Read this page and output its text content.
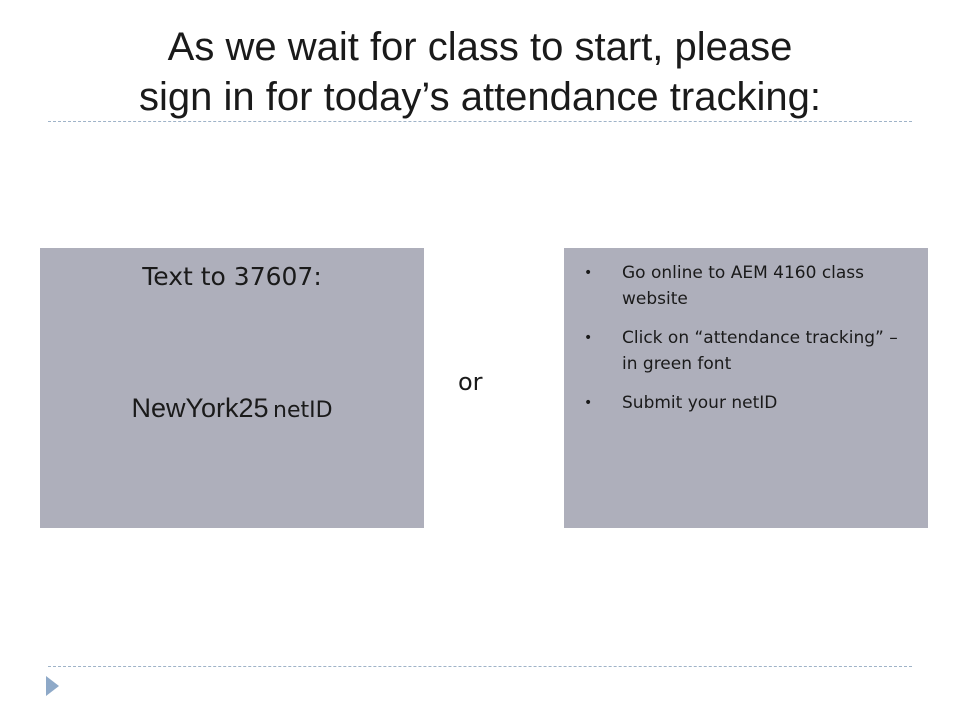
As we wait for class to start, please
sign in for today’s attendance tracking:
Text to 37607:
NewYork25 netID
or
• Go online to AEM 4160 class website
• Click on “attendance tracking” – in green font
• Submit your netID
